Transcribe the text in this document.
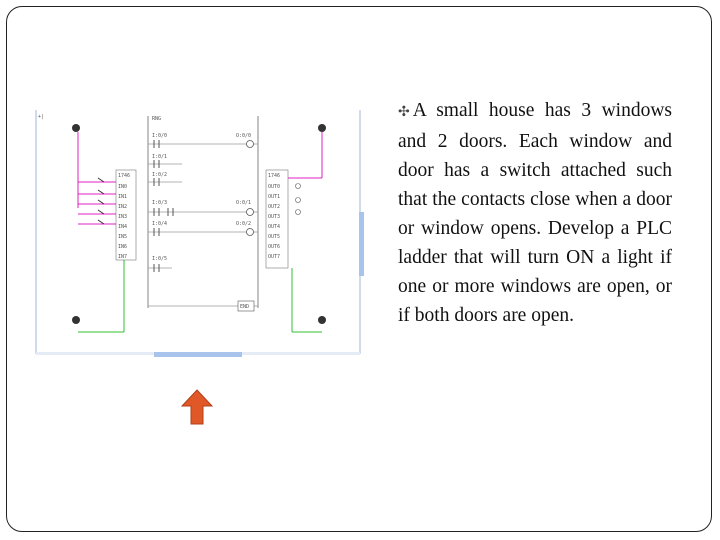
+|	RNG
I:0/0	O:0/0
I:0/1
I:0/2
I:0/3	O:0/1
I:0/4	O:0/2
I:0/5
END
1746
IN0
IN1
IN2
IN3
IN4
IN5
IN6
IN7
1746
OUT0
OUT1
OUT2
OUT3
OUT4
OUT5
OUT6
OUT7
✣ A small house has 3 windows and 2 doors. Each window and door has a switch attached such that the contacts close when a door or window opens. Develop a PLC ladder that will turn ON a light if one or more windows are open, or if both doors are open.
